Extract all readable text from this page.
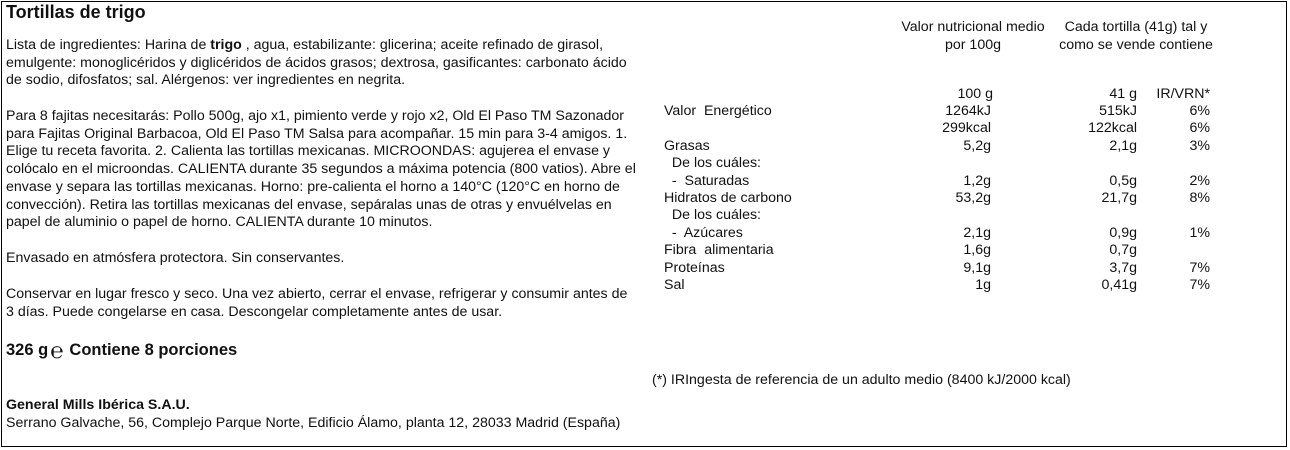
Tortillas de trigo
Lista de ingredientes: Harina de trigo , agua, estabilizante: glicerina; aceite refinado de girasol, emulgente: monoglicéridos y diglicéridos de ácidos grasos; dextrosa, gasificantes: carbonato ácido de sodio, difosfatos; sal. Alérgenos: ver ingredientes en negrita.
Para 8 fajitas necesitarás: Pollo 500g, ajo x1, pimiento verde y rojo x2, Old El Paso TM Sazonador para Fajitas Original Barbacoa, Old El Paso TM Salsa para acompañar. 15 min para 3-4 amigos. 1. Elige tu receta favorita. 2. Calienta las tortillas mexicanas. MICROONDAS: agujerea el envase y colócalo en el microondas. CALIENTA durante 35 segundos a máxima potencia (800 vatios). Abre el envase y separa las tortillas mexicanas. Horno: pre-calienta el horno a 140°C (120°C en horno de convección). Retira las tortillas mexicanas del envase, sepáralas unas de otras y envuélvelas en papel de aluminio o papel de horno. CALIENTA durante 10 minutos.
Envasado en atmósfera protectora. Sin conservantes.
Conservar en lugar fresco y seco. Una vez abierto, cerrar el envase, refrigerar y consumir antes de 3 días. Puede congelarse en casa. Descongelar completamente antes de usar.
326 g ℮ Contiene 8 porciones
General Mills Ibérica S.A.U.
Serrano Galvache, 56, Complejo Parque Norte, Edificio Álamo, planta 12, 28033 Madrid (España)
Valor nutricional medio por 100g
Cada tortilla (41g) tal y como se vende contiene
100 g	41 g IR/VRN*
Valor  Energético	1264kJ	515kJ	6%
299kcal	122kcal	6%
Grasas	5,2g	2,1g	3%
De los cuáles:
-  Saturadas	1,2g	0,5g	2%
Hidratos de carbono	53,2g	21,7g	8%
De los cuáles:
-  Azúcares	2,1g	0,9g	1%
Fibra  alimentaria	1,6g	0,7g
Proteínas	9,1g	3,7g	7%
Sal	1g	0,41g	7%
(*) IRIngesta de referencia de un adulto medio (8400 kJ/2000 kcal)
